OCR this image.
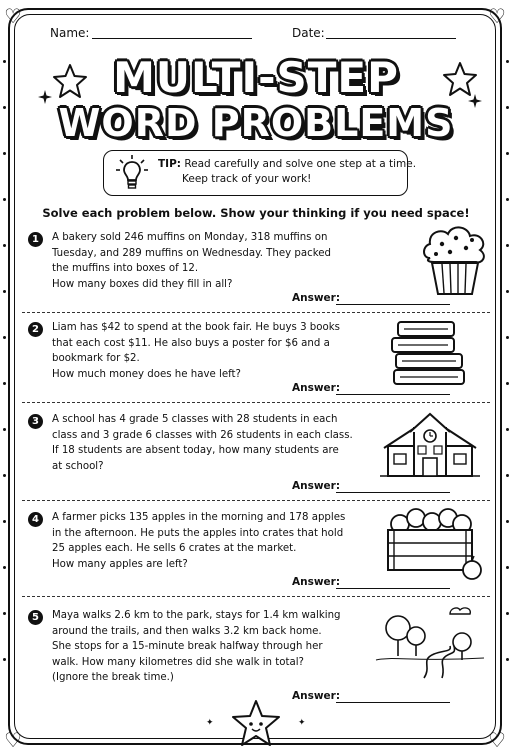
♡	♡
♡	♡
Name:	Date:
MULTI-STEP
WORD PROBLEMS
TIP: Read carefully and solve one step at a time.
Keep track of your work!
Solve each problem below. Show your thinking if you need space!
1	A bakery sold 246 muffins on Monday, 318 muffins on
Tuesday, and 289 muffins on Wednesday. They packed
the muffins into boxes of 12.
How many boxes did they fill in all?
Answer:
2	Liam has $42 to spend at the book fair. He buys 3 books
that each cost $11. He also buys a poster for $6 and a
bookmark for $2.
How much money does he have left?
Answer:
3	A school has 4 grade 5 classes with 28 students in each
class and 3 grade 6 classes with 26 students in each class.
If 18 students are absent today, how many students are
at school?
Answer:
4	A farmer picks 135 apples in the morning and 178 apples
in the afternoon. He puts the apples into crates that hold
25 apples each. He sells 6 crates at the market.
How many apples are left?
Answer:
5	Maya walks 2.6 km to the park, stays for 1.4 km walking
around the trails, and then walks 3.2 km back home.
She stops for a 15-minute break halfway through her
walk. How many kilometres did she walk in total?
(Ignore the break time.)
Answer:
✦	✦
